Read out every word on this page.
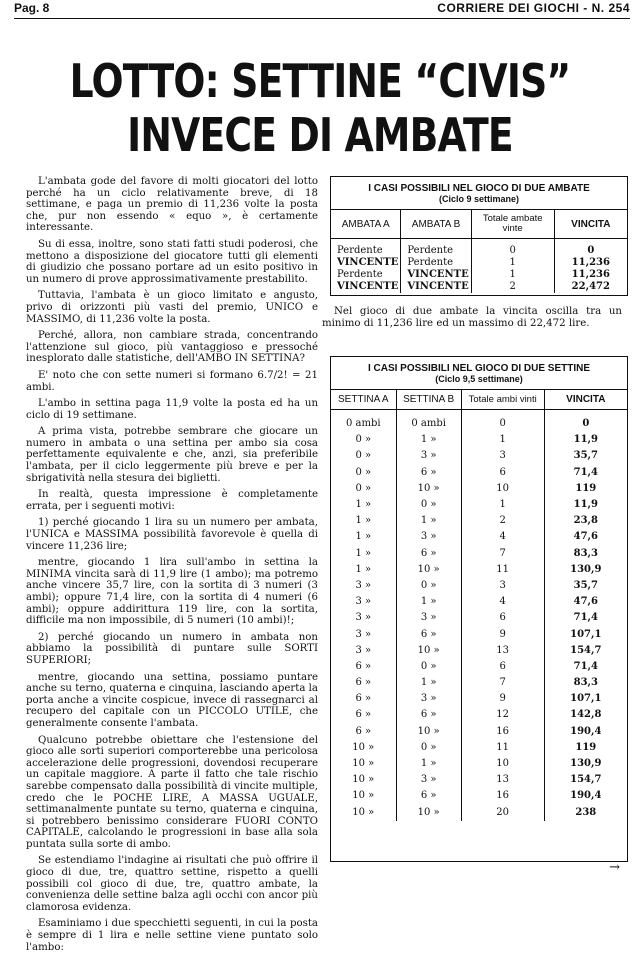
Pag. 8	CORRIERE DEI GIOCHI - N. 254
LOTTO: SETTINE “CIVIS”
INVECE DI AMBATE

L'ambata gode del favore di molti giocatori del lotto perché ha un ciclo relativamente breve, di 18 settimane, e paga un premio di 11,236 volte la posta che, pur non essendo « equo », è certamente interessante.

Su di essa, inoltre, sono stati fatti studi poderosi, che mettono a disposizione del giocatore tutti gli elementi di giudizio che possano portare ad un esito positivo in un numero di prove approssimativamente prestabilito.

Tuttavia, l'ambata è un gioco limitato e angusto, privo di orizzonti più vasti del premio, UNICO e MASSIMO, di 11,236 volte la posta.

Perché, allora, non cambiare strada, concentrando l'attenzione sul gioco, più vantaggioso e pressoché inesplorato dalle statistiche, dell'AMBO IN SETTINA?

E' noto che con sette numeri si formano 6.7/2! = 21 ambi.

L'ambo in settina paga 11,9 volte la posta ed ha un ciclo di 19 settimane.

A prima vista, potrebbe sembrare che giocare un numero in ambata o una settina per ambo sia cosa perfettamente equivalente e che, anzi, sia preferibile l'ambata, per il ciclo leggermente più breve e per la sbrigatività nella stesura dei biglietti.

In realtà, questa impressione è completamente errata, per i seguenti motivi:

1) perché giocando 1 lira su un numero per ambata, l'UNICA e MASSIMA possibilità favorevole è quella di vincere 11,236 lire;

mentre, giocando 1 lira sull'ambo in settina la MINIMA vincita sarà di 11,9 lire (1 ambo); ma potremo anche vincere 35,7 lire, con la sortita di 3 numeri (3 ambi); oppure 71,4 lire, con la sortita di 4 numeri (6 ambi); oppure addirittura 119 lire, con la sortita, difficile ma non impossibile, di 5 numeri (10 ambi)!;

2) perché giocando un numero in ambata non abbiamo la possibilità di puntare sulle SORTI SUPERIORI;

mentre, giocando una settina, possiamo puntare anche su terno, quaterna e cinquina, lasciando aperta la porta anche a vincite cospicue, invece di rassegnarci al recupero del capitale con un PICCOLO UTILE, che generalmente consente l'ambata.

Qualcuno potrebbe obiettare che l'estensione del gioco alle sorti superiori comporterebbe una pericolosa accelerazione delle progressioni, dovendosi recuperare un capitale maggiore. A parte il fatto che tale rischio sarebbe compensato dalla possibilità di vincite multiple, credo che le POCHE LIRE, A MASSA UGUALE, settimanalmente puntate su terno, quaterna e cinquina, si potrebbero benissimo considerare FUORI CONTO CAPITALE, calcolando le progressioni in base alla sola puntata sulla sorte di ambo.

Se estendiamo l'indagine ai risultati che può offrire il gioco di due, tre, quattro settine, rispetto a quelli possibili col gioco di due, tre, quattro ambate, la convenienza delle settine balza agli occhi con ancor più clamorosa evidenza.

Esaminiamo i due specchietti seguenti, in cui la posta è sempre di 1 lira e nelle settine viene puntato solo l'ambo:

I CASI POSSIBILI NEL GIOCO DI DUE AMBATE
(Ciclo 9 settimane)
AMBATA A	AMBATA B	Totale ambate vinte	VINCITA
Perdente	Perdente	0	0
VINCENTE	Perdente	1	11,236
Perdente	VINCENTE	1	11,236
VINCENTE	VINCENTE	2	22,472
Nel gioco di due ambate la vincita oscilla tra un minimo di 11,236 lire ed un massimo di 22,472 lire.
I CASI POSSIBILI NEL GIOCO DI DUE SETTINE
(Ciclo 9,5 settimane)
SETTINA A	SETTINA B	Totale ambi vinti	VINCITA
0 ambi	0 ambi	0	0
0 »	1 »	1	11,9
0 »	3 »	3	35,7
0 »	6 »	6	71,4
0 »	10 »	10	119
1 »	0 »	1	11,9
1 »	1 »	2	23,8
1 »	3 »	4	47,6
1 »	6 »	7	83,3
1 »	10 »	11	130,9
3 »	0 »	3	35,7
3 »	1 »	4	47,6
3 »	3 »	6	71,4
3 »	6 »	9	107,1
3 »	10 »	13	154,7
6 »	0 »	6	71,4
6 »	1 »	7	83,3
6 »	3 »	9	107,1
6 »	6 »	12	142,8
6 »	10 »	16	190,4
10 »	0 »	11	119
10 »	1 »	10	130,9
10 »	3 »	13	154,7
10 »	6 »	16	190,4
10 »	10 »	20	238
→
